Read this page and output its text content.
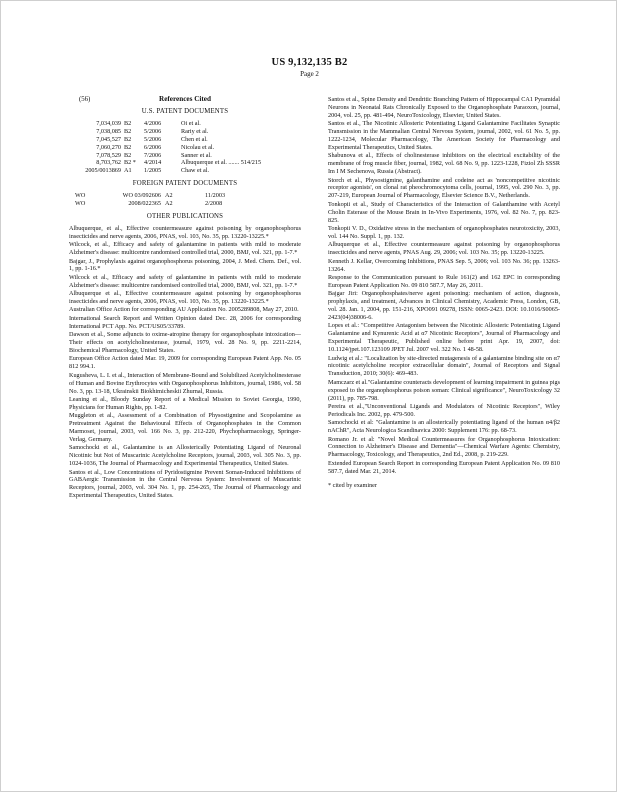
US 9,132,135 B2
Page 2
(56)	References Cited
U.S. PATENT DOCUMENTS
7,034,039 B2	4/2006	Oi et al.
7,038,085 B2	5/2006	Rariy et al.
7,045,527 B2	5/2006	Chen et al.
7,060,270 B2	6/2006	Nicolau et al.
7,078,529 B2	7/2006	Sanner et al.
8,703,762 B2 *	4/2014	Albuquerque et al. ....... 514/215
2005/0013869 A1	1/2005	Chaw et al.
FOREIGN PATENT DOCUMENTS
WO	WO 03/092606 A2	11/2003
WO	2008/022365 A2	2/2008
OTHER PUBLICATIONS
Albuquerque, et al., Effective countermeasure against poisoning by organophosphorus insecticides and nerve agents, 2006, PNAS, vol. 103, No. 35, pp. 13220-13225.*
Wilcock, et al., Efficacy and safety of galantamine in patients with mild to moderate Alzheimer's disease: multicentre randomised controlled trial, 2000, BMJ, vol. 321, pp. 1-7.*
Bajgar, J., Prophylaxis against organophosphorus poisoning, 2004, J. Med. Chem. Def., vol. 1, pp. 1-16.*
Wilcock et al., Efficacy and safety of galantamine in patients with mild to moderate Alzheimer's disease: multicentre randomised controlled trial, 2000, BMJ, vol. 321, pp. 1-7.*
Albuquerque et al., Effective countermeasure against poisoning by organophosphorus insecticides and nerve agents, 2006, PNAS, vol. 103, No. 35, pp. 13220-13225.*
Australian Office Action for corresponding AU Application No. 2005289808, May 27, 2010.
International Search Report and Written Opinion dated Dec. 28, 2006 for corresponding International PCT App. No. PCT/US05/33789.
Dawson et al., Some adjuncts to oxime-atropine therapy for organophosphate intoxication—Their effects on acetylcholinesterase, journal, 1979, vol. 28 No. 9, pp. 2211-2214, Biochemical Pharmacology, United States.
European Office Action dated Mar. 19, 2009 for corresponding European Patent App. No. 05 812 994.1.
Kugusheva, L. I. et al., Interaction of Membrane-Bound and Solubilized Acetylcholinesterase of Human and Bovine Erythrocytes with Organophosphorus Inhibitors, journal, 1986, vol. 58 No. 3, pp. 13-18, Ukrainskii Biokhimicheskii Zhurnal, Russia.
Leaning et al., Bloody Sunday Report of a Medical Mission to Soviet Georgia, 1990, Physicians for Human Rights, pp. 1-82.
Muggleton et al., Assessment of a Combination of Physostigmine and Scopolamine as Pretreatment Against the Behavioural Effects of Organophosphates in the Common Marmoset, journal, 2003, vol. 166 No. 3, pp. 212-220, Phychopharmacology, Springer-Verlag, Germany.
Samochocki et al., Galantamine is an Allosterically Potentiating Ligand of Neuronal Nicotinic but Not of Muscarinic Acetylcholine Receptors, journal, 2003, vol. 305 No. 3, pp. 1024-1036, The Journal of Pharmacology and Experimental Therapeutics, United States.
Santos et al., Low Concentrations of Pyridostigmine Prevent Soman-Induced Inhibitions of GABAergic Transmission in the Central Nervous System: Involvement of Muscarinic Receptors, journal, 2003, vol. 304 No. 1, pp. 254-265, The Journal of Pharmacology and Experimental Therapeutics, United States.
Santos et al., Spine Density and Dendritic Branching Pattern of Hippocampal CA1 Pyramidal Neurons in Neonatal Rats Chronically Exposed to the Organophosphate Paraoxon, journal, 2004, vol. 25, pp. 481-494, NeuroToxicology, Elsevier, United States.
Santos et al., The Nicotinic Allosteric Potentiating Ligand Galantamine Facilitates Synaptic Transmission in the Mammalian Central Nervous System, journal, 2002, vol. 61 No. 5, pp. 1222-1234, Molecular Pharmacology, The American Society for Pharmacology and Experimental Therapeutics, United States.
Shabunova et al., Effects of cholinesterase inhibitors on the electrical excitability of the membrane of frog muscle fiber, journal, 1982, vol. 68 No. 9, pp. 1223-1228, Fiziol Zh SSSR Im I M Sechenova, Russia (Abstract).
Storch et al., Physostigmine, galanthamine and codeine act as 'noncompetitive nicotinic receptor agonists', on clonal rat pheochromocytoma cells, journal, 1995, vol. 290 No. 3, pp. 207-219, European Journal of Pharmacology, Elsevier Science B.V., Netherlands.
Tonkopii et al., Study of Characteristics of the Interaction of Galanthamine with Acetyl Cholin Esterase of the Mouse Brain in In-Vivo Experiments, 1976, vol. 82 No. 7, pp. 823-825.
Tonkopii V. D., Oxidative stress in the mechanism of organophosphates neurotoxicity, 2003, vol. 144 No. Suppl. 1, pp. 132.
Albuquerque et al., Effective countermeasure against poisoning by organophosphorus insecticides and nerve agents, PNAS Aug. 29, 2006; vol. 103 No. 35; pp. 13220-13225.
Kenneth J. Kellar, Overcoming Inhibitions, PNAS Sep. 5, 2006; vol. 103 No. 36; pp. 13263-13264.
Response to the Communication pursuant to Rule 161(2) and 162 EPC in corresponding European Patent Application No. 09 810 587.7, May 26, 2011.
Bajgar Jiri: Organophosphates/nerve agent poisoning: mechanism of action, diagnosis, prophylaxis, and treatment, Advances in Clinical Chemistry, Academic Press, London, GB, vol. 28. Jan. 1, 2004, pp. 151-216, XPO091 09278, ISSN: 0065-2423. DOI: 10.1016/S0065-2423(04)38006-6.
Lopes et al.: "Competitive Antagonism between the Nicotinic Allosteric Potentiating Ligand Galantamine and Kynurenic Acid at α7 Nicotinic Receptors", Journal of Pharmacology and Experimental Therapeutic, Published online before print Apr. 19, 2007, doi: 10.1124/jpet.107.123109 JPET Jul. 2007 vol. 322 No. 1 48-58.
Ludwig et al.: "Localization by site-directed mutagenesis of a galantamine binding site on α7 nicotinic acetylcholine receptor extracellular domain", Journal of Receptors and Signal Transduction, 2010; 30(6): 469-483.
Mamczarz et al."Galantamine counteracts development of learning impairment in guinea pigs exposed to the organophosphorus poison soman: Clinical significance", NeuroToxicology 32 (2011), pp. 785-798.
Pereira et al.,"Unconventional Ligands and Modulators of Nicotinic Receptors", Wiley Periodicals Inc. 2002, pp. 479-500.
Samochocki et al: "Galantamine is an allosterically potentiating ligand of the human α4/β2 nAChR", Acta Neurologica Scandinavica 2000: Supplement 176: pp. 68-73.
Romano Jr. et al: "Novel Medical Countermeasures for Organophosphorus Intoxication: Connection to Alzheimer's Disease and Dementia"—Chemical Warfare Agents: Chemistry, Pharmacology, Toxicology, and Therapeutics, 2nd Ed., 2008, p. 219-229.
Extended European Search Report in corresponding European Patent Application No. 09 810 587.7, dated Mar. 21, 2014.
* cited by examiner
